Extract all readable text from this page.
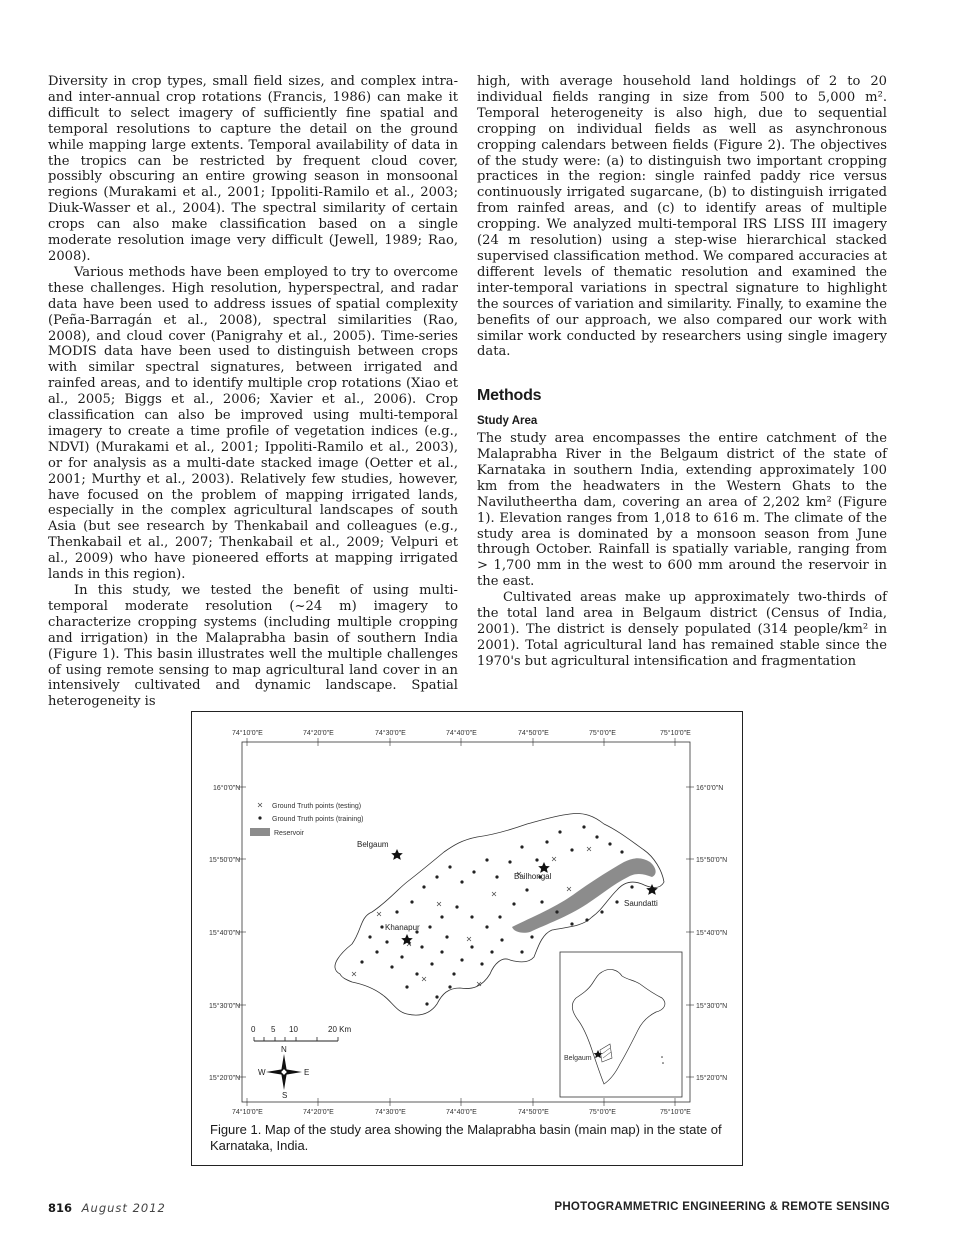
Diversity in crop types, small field sizes, and complex intra- and inter-annual crop rotations (Francis, 1986) can make it difficult to select imagery of sufficiently fine spatial and temporal resolutions to capture the detail on the ground while mapping large extents. Temporal availability of data in the tropics can be restricted by frequent cloud cover, possibly obscuring an entire growing season in monsoonal regions (Murakami et al., 2001; Ippoliti-Ramilo et al., 2003; Diuk-Wasser et al., 2004). The spectral similarity of certain crops can also make classification based on a single moderate resolution image very difficult (Jewell, 1989; Rao, 2008).

Various methods have been employed to try to overcome these challenges. High resolution, hyperspectral, and radar data have been used to address issues of spatial complexity (Peña-Barragán et al., 2008), spectral similarities (Rao, 2008), and cloud cover (Panigrahy et al., 2005). Time-series MODIS data have been used to distinguish between crops with similar spectral signatures, between irrigated and rainfed areas, and to identify multiple crop rotations (Xiao et al., 2005; Biggs et al., 2006; Xavier et al., 2006). Crop classification can also be improved using multi-temporal imagery to create a time profile of vegetation indices (e.g., NDVI) (Murakami et al., 2001; Ippoliti-Ramilo et al., 2003), or for analysis as a multi-date stacked image (Oetter et al., 2001; Murthy et al., 2003). Relatively few studies, however, have focused on the problem of mapping irrigated lands, especially in the complex agricultural landscapes of south Asia (but see research by Thenkabail and colleagues (e.g., Thenkabail et al., 2007; Thenkabail et al., 2009; Velpuri et al., 2009) who have pioneered efforts at mapping irrigated lands in this region).

In this study, we tested the benefit of using multi-temporal moderate resolution (~24 m) imagery to characterize cropping systems (including multiple cropping and irrigation) in the Malaprabha basin of southern India (Figure 1). This basin illustrates well the multiple challenges of using remote sensing to map agricultural land cover in an intensively cultivated and dynamic landscape. Spatial heterogeneity is

high, with average household land holdings of 2 to 20 individual fields ranging in size from 500 to 5,000 m². Temporal heterogeneity is also high, due to sequential cropping on individual fields as well as asynchronous cropping calendars between fields (Figure 2). The objectives of the study were: (a) to distinguish two important cropping practices in the region: single rainfed paddy rice versus continuously irrigated sugarcane, (b) to distinguish irrigated from rainfed areas, and (c) to identify areas of multiple cropping. We analyzed multi-temporal IRS LISS III imagery (24 m resolution) using a step-wise hierarchical stacked supervised classification method. We compared accuracies at different levels of thematic resolution and examined the inter-temporal variations in spectral signature to highlight the sources of variation and similarity. Finally, to examine the benefits of our approach, we also compared our work with similar work conducted by researchers using single imagery data.

Methods
Study Area

The study area encompasses the entire catchment of the Malaprabha River in the Belgaum district of the state of Karnataka in southern India, extending approximately 100 km from the headwaters in the Western Ghats to the Navilutheertha dam, covering an area of 2,202 km² (Figure 1). Elevation ranges from 1,018 to 616 m. The climate of the study area is dominated by a monsoon season from June through October. Rainfall is spatially variable, ranging from > 1,700 mm in the west to 600 mm around the reservoir in the east.

Cultivated areas make up approximately two-thirds of the total land area in Belgaum district (Census of India, 2001). The district is densely populated (314 people/km² in 2001). Total agricultural land has remained stable since the 1970's but agricultural intensification and fragmentation

74°10'0"E	74°20'0"E	74°30'0"E	74°40'0"E	74°50'0"E	75°0'0"E	75°10'0"E
74°10'0"E	74°20'0"E	74°30'0"E	74°40'0"E	74°50'0"E	75°0'0"E	75°10'0"E
16°0'0"N
15°50'0"N
15°40'0"N
15°30'0"N
15°20'0"N
16°0'0"N
15°50'0"N
15°40'0"N
15°30'0"N
15°20'0"N
Belgaum
Bailhongal
Saundatti
Khanapur
Ground Truth points (testing)
Ground Truth points (training)
Reservoir
0 5 10	20 Km
N
S
W	E
Belgaum
Figure 1. Map of the study area showing the Malaprabha basin (main map) in the state of Karnataka, India.
816 August 2012	PHOTOGRAMMETRIC ENGINEERING & REMOTE SENSING
